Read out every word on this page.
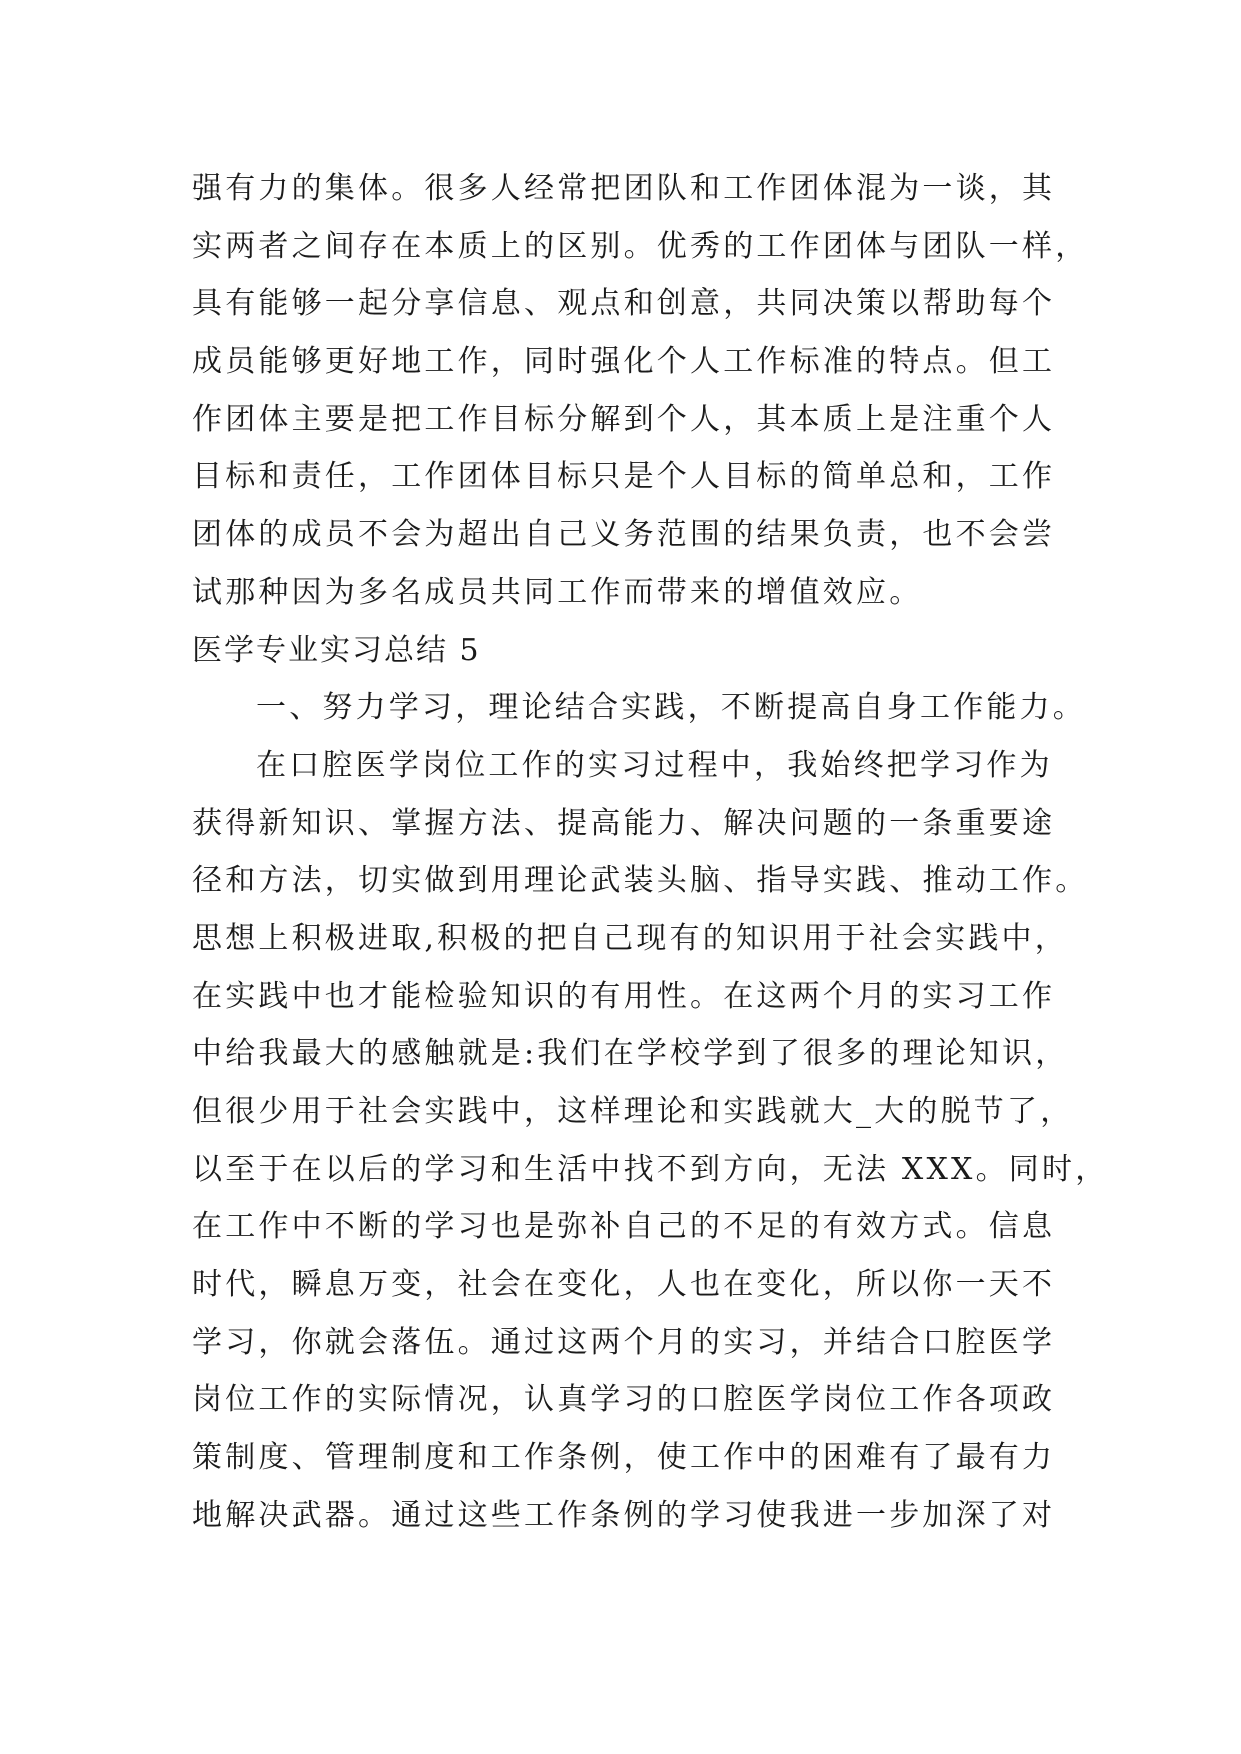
强有力的集体。很多人经常把团队和工作团体混为一谈，其
实两者之间存在本质上的区别。优秀的工作团体与团队一样，
具有能够一起分享信息、观点和创意，共同决策以帮助每个
成员能够更好地工作，同时强化个人工作标准的特点。但工
作团体主要是把工作目标分解到个人，其本质上是注重个人
目标和责任，工作团体目标只是个人目标的简单总和，工作
团体的成员不会为超出自己义务范围的结果负责，也不会尝
试那种因为多名成员共同工作而带来的增值效应。
医学专业实习总结 5
一、努力学习，理论结合实践，不断提高自身工作能力。
在口腔医学岗位工作的实习过程中，我始终把学习作为
获得新知识、掌握方法、提高能力、解决问题的一条重要途
径和方法，切实做到用理论武装头脑、指导实践、推动工作。
思想上积极进取,积极的把自己现有的知识用于社会实践中，
在实践中也才能检验知识的有用性。在这两个月的实习工作
中给我最大的感触就是:我们在学校学到了很多的理论知识，
但很少用于社会实践中，这样理论和实践就大_大的脱节了，
以至于在以后的学习和生活中找不到方向，无法 XXX。同时，
在工作中不断的学习也是弥补自己的不足的有效方式。信息
时代，瞬息万变，社会在变化，人也在变化，所以你一天不
学习，你就会落伍。通过这两个月的实习，并结合口腔医学
岗位工作的实际情况，认真学习的口腔医学岗位工作各项政
策制度、管理制度和工作条例，使工作中的困难有了最有力
地解决武器。通过这些工作条例的学习使我进一步加深了对
